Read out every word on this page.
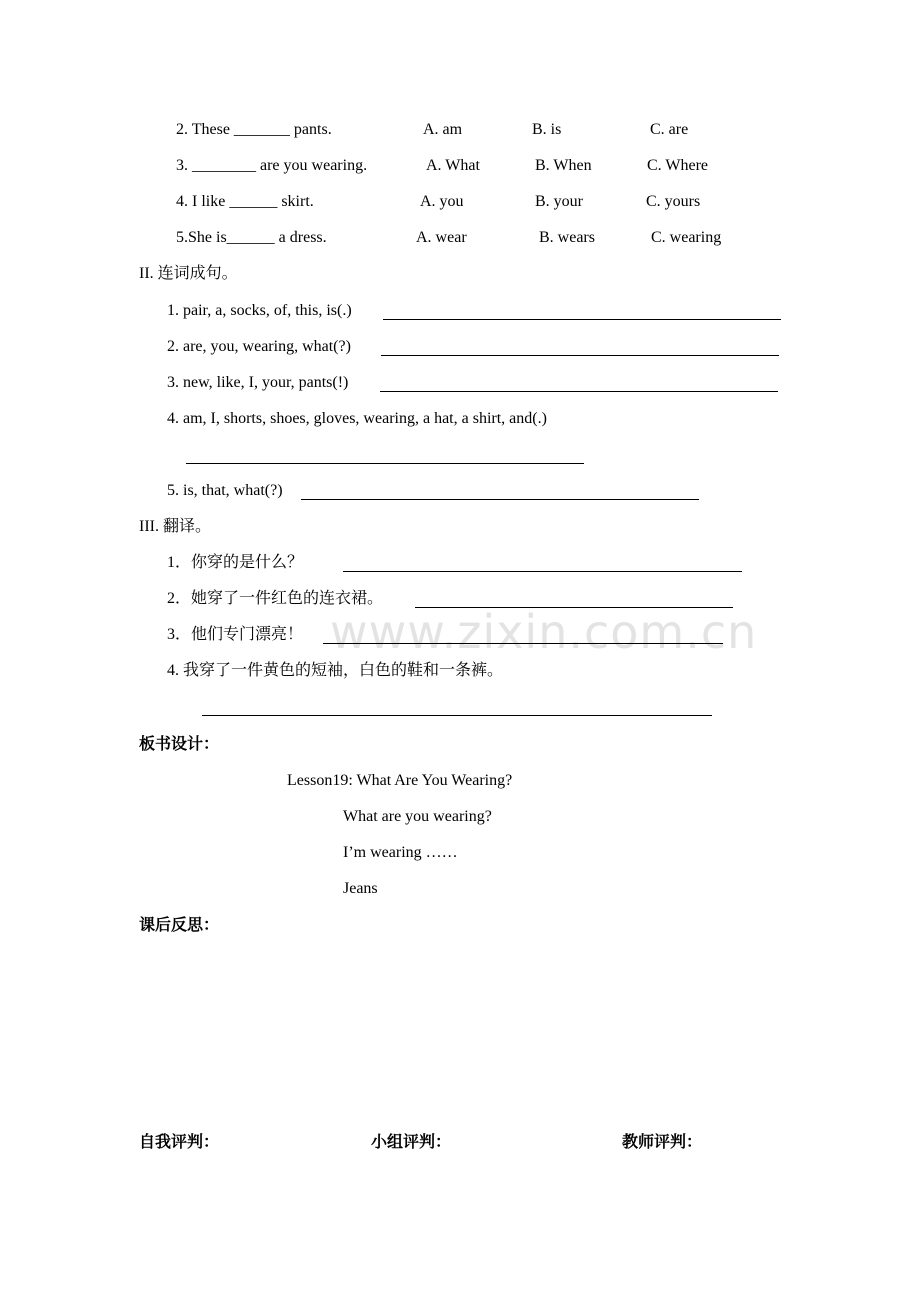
www.zixin.com.cn
2. These _______ pants.	A. am	B. is	C. are
3. ________ are you wearing.	A. What	B. When	C. Where
4. I like ______ skirt.	A. you	B. your	C. yours
5.She is______ a dress.	A. wear	B. wears	C. wearing
II. 连词成句。
1. pair, a, socks, of, this, is(.)
2. are, you, wearing, what(?)
3. new, like, I, your, pants(!)
4. am, I, shorts, shoes, gloves, wearing, a hat, a shirt, and(.)
5. is, that, what(?)
III. 翻译。
1．你穿的是什么？
2．她穿了一件红色的连衣裙。
3．他们专门漂亮！
4. 我穿了一件黄色的短袖，白色的鞋和一条裤。
板书设计：
Lesson19: What Are You Wearing?
What are you wearing?
I’m wearing ……
Jeans
课后反思：
自我评判：	小组评判：	教师评判：
